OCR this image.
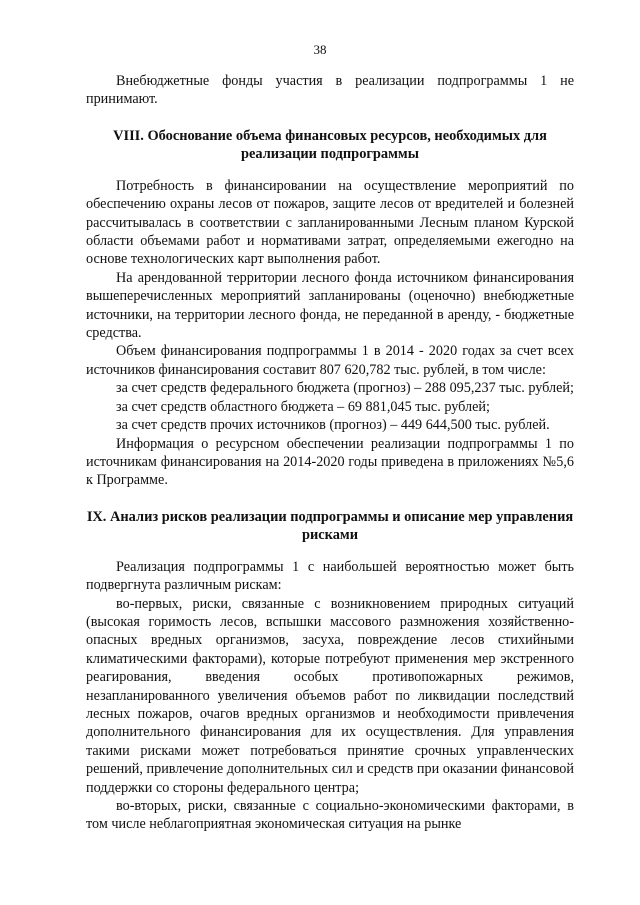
38

Внебюджетные фонды участия в реализации подпрограммы 1 не принимают.

VIII. Обоснование объема финансовых ресурсов, необходимых для реализации подпрограммы

Потребность в финансировании на осуществление мероприятий по обеспечению охраны лесов от пожаров, защите лесов от вредителей и болезней рассчитывалась в соответствии с запланированными Лесным планом Курской области объемами работ и нормативами затрат, определяемыми ежегодно на основе технологических карт выполнения работ.

На арендованной территории лесного фонда источником финансирования вышеперечисленных мероприятий запланированы (оценочно) внебюджетные источники, на территории лесного фонда, не переданной в аренду, - бюджетные средства.

Объем финансирования подпрограммы 1 в 2014 - 2020 годах за счет всех источников финансирования составит 807 620,782 тыс. рублей, в том числе:

за счет средств федерального бюджета (прогноз) – 288 095,237 тыс. рублей;

за счет средств областного бюджета – 69 881,045 тыс. рублей;

за счет средств прочих источников (прогноз) – 449 644,500 тыс. рублей.

Информация о ресурсном обеспечении реализации подпрограммы 1 по источникам финансирования на 2014-2020 годы приведена в приложениях №5,6 к Программе.

IX. Анализ рисков реализации подпрограммы и описание мер управления рисками

Реализация подпрограммы 1 с наибольшей вероятностью может быть подвергнута различным рискам:

во-первых, риски, связанные с возникновением природных ситуаций (высокая горимость лесов, вспышки массового размножения хозяйственно-опасных вредных организмов, засуха, повреждение лесов стихийными климатическими факторами), которые потребуют применения мер экстренного реагирования, введения особых противопожарных режимов, незапланированного увеличения объемов работ по ликвидации последствий лесных пожаров, очагов вредных организмов и необходимости привлечения дополнительного финансирования для их осуществления. Для управления такими рисками может потребоваться принятие срочных управленческих решений, привлечение дополнительных сил и средств при оказании финансовой поддержки со стороны федерального центра;

во-вторых, риски, связанные с социально-экономическими факторами, в том числе неблагоприятная экономическая ситуация на рынке
